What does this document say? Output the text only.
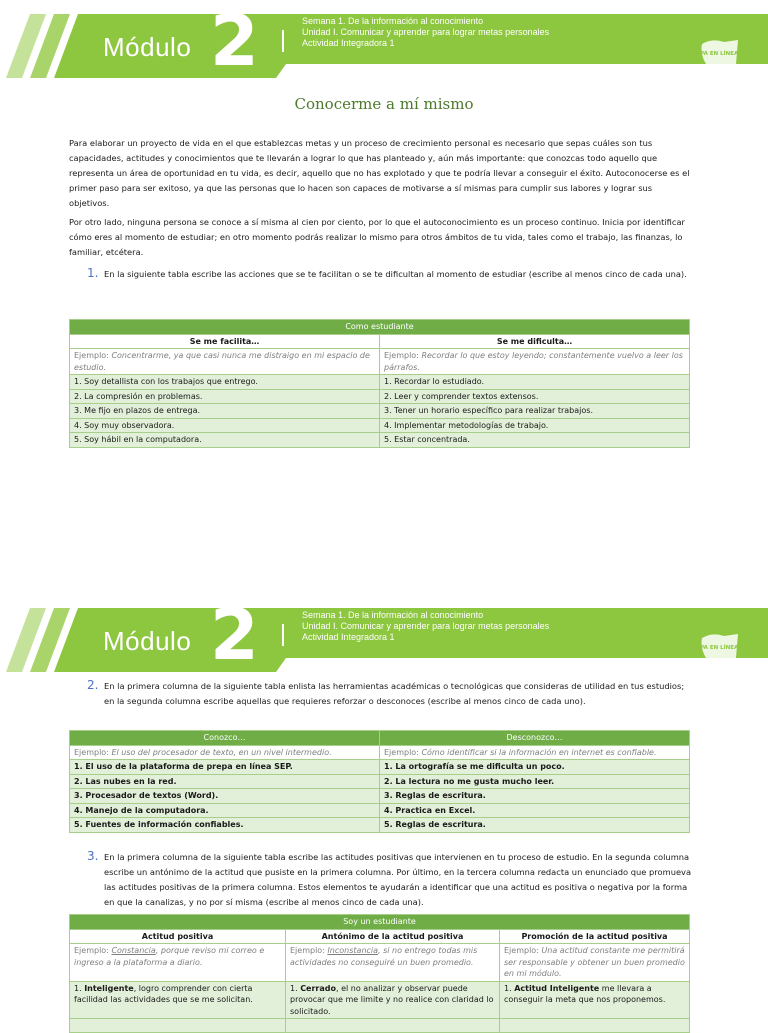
Módulo 2	Semana 1. De la información al conocimiento
Unidad I. Comunicar y aprender para lograr metas personales
Actividad Integradora 1
PREPA EN LÍNEA SEP
Conocerme a mí mismo

Para elaborar un proyecto de vida en el que establezcas metas y un proceso de crecimiento personal es necesario que sepas cuáles son tus capacidades, actitudes y conocimientos que te llevarán a lograr lo que has planteado y, aún más importante: que conozcas todo aquello que representa un área de oportunidad en tu vida, es decir, aquello que no has explotado y que te podría llevar a conseguir el éxito. Autoconocerse es el primer paso para ser exitoso, ya que las personas que lo hacen son capaces de motivarse a sí mismas para cumplir sus labores y lograr sus objetivos.

Por otro lado, ninguna persona se conoce a sí misma al cien por ciento, por lo que el autoconocimiento es un proceso continuo. Inicia por identificar cómo eres al momento de estudiar; en otro momento podrás realizar lo mismo para otros ámbitos de tu vida, tales como el trabajo, las finanzas, lo familiar, etcétera.

1. En la siguiente tabla escribe las acciones que se te facilitan o se te dificultan al momento de estudiar (escribe al menos cinco de cada una).

Como estudiante	
Se me facilita…	Se me dificulta…
Ejemplo: Concentrarme, ya que casi nunca me distraigo en mi espacio de estudio.	Ejemplo: Recordar lo que estoy leyendo; constantemente vuelvo a leer los párrafos.
1. Soy detallista con los trabajos que entrego.	1. Recordar lo estudiado.
2. La compresión en problemas.	2. Leer y comprender textos extensos.
3. Me fijo en plazos de entrega.	3. Tener un horario específico para realizar trabajos.
4. Soy muy observadora.	4. Implementar metodologías de trabajo.
5. Soy hábil en la computadora.	5. Estar concentrada.
Módulo 2	Semana 1. De la información al conocimiento
Unidad I. Comunicar y aprender para lograr metas personales
Actividad Integradora 1
PREPA EN LÍNEA SEP
2. En la primera columna de la siguiente tabla enlista las herramientas académicas o tecnológicas que consideras de utilidad en tus estudios; en la segunda columna escribe aquellas que requieres reforzar o desconoces (escribe al menos cinco de cada uno).

Conozco…	Desconozco…
Ejemplo: El uso del procesador de texto, en un nivel intermedio.	Ejemplo: Cómo identificar si la información en internet es confiable.
1. El uso de la plataforma de prepa en línea SEP.	1. La ortografía se me dificulta un poco.
2. Las nubes en la red.	2. La lectura no me gusta mucho leer.
3. Procesador de textos (Word).	3. Reglas de escritura.
4. Manejo de la computadora.	4. Practica en Excel.
5. Fuentes de información confiables.	5. Reglas de escritura.
3. En la primera columna de la siguiente tabla escribe las actitudes positivas que intervienen en tu proceso de estudio. En la segunda columna escribe un antónimo de la actitud que pusiste en la primera columna. Por último, en la tercera columna redacta un enunciado que promueva las actitudes positivas de la primera columna. Estos elementos te ayudarán a identificar que una actitud es positiva o negativa por la forma en que la canalizas, y no por sí misma (escribe al menos cinco de cada una).

Soy un estudiante		
Actitud positiva	Antónimo de la actitud positiva	Promoción de la actitud positiva
Ejemplo: Constancia, porque reviso mi correo e ingreso a la plataforma a diario.	Ejemplo: Inconstancia, si no entrego todas mis actividades no conseguiré un buen promedio.	Ejemplo: Una actitud constante me permitirá ser responsable y obtener un buen promedio en mi módulo.
1. Inteligente, logro comprender con cierta facilidad las actividades que se me solicitan.	1. Cerrado, el no analizar y observar puede provocar que me limite y no realice con claridad lo solicitado.	1. Actitud Inteligente me llevara a conseguir la meta que nos proponemos.
